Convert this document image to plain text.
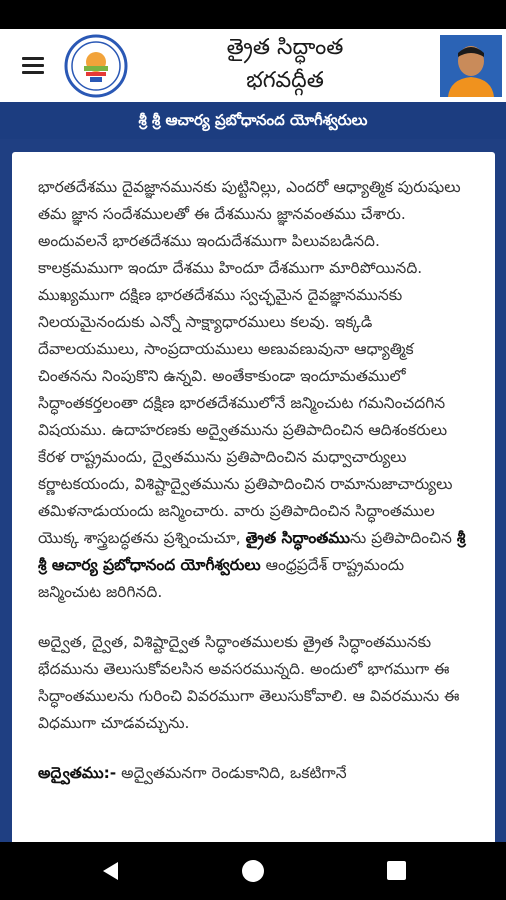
త్రైత సిద్ధాంత
భగవద్గీత
శ్రీ శ్రీ ఆచార్య ప్రబోధానంద యోగీశ్వరులు

భారతదేశము దైవజ్ఞానమునకు పుట్టినిల్లు, ఎందరో ఆధ్యాత్మిక పురుషులు తమ జ్ఞాన సందేశములతో ఈ దేశమును జ్ఞానవంతము చేశారు. అందువలనే భారతదేశము ఇందుదేశముగా పిలువబడినది. కాలక్రమముగా ఇందూ దేశము హిందూ దేశముగా మారిపోయినది. ముఖ్యముగా దక్షిణ భారతదేశము స్వచ్ఛమైన దైవజ్ఞానమునకు నిలయమైనందుకు ఎన్నో సాక్ష్యాధారములు కలవు. ఇక్కడి దేవాలయములు, సాంప్రదాయములు అణువణువునా ఆధ్యాత్మిక చింతనను నింపుకొని ఉన్నవి. అంతేకాకుండా ఇందూమతములో సిద్ధాంతకర్తలంతా దక్షిణ భారతదేశములోనే జన్మించుట గమనించదగిన విషయము. ఉదాహరణకు అద్వైతమును ప్రతిపాదించిన ఆదిశంకరులు కేరళ రాష్ట్రమందు, ద్వైతమును ప్రతిపాదించిన మధ్వాచార్యులు కర్ణాటకయందు, విశిష్టాద్వైతమును ప్రతిపాదించిన రామానుజాచార్యులు తమిళనాడుయందు జన్మించారు. వారు ప్రతిపాదించిన సిద్ధాంతముల యొక్క శాస్త్రబద్ధతను ప్రశ్నించుచూ, త్రైత సిద్ధాంతమును ప్రతిపాదించిన శ్రీ శ్రీ ఆచార్య ప్రబోధానంద యోగీశ్వరులు ఆంధ్రప్రదేశ్ రాష్ట్రమందు జన్మించుట జరిగినది.

అద్వైత, ద్వైత, విశిష్టాద్వైత సిద్ధాంతములకు త్రైత సిద్ధాంతమునకు భేదమును తెలుసుకోవలసిన అవసరమున్నది. అందులో భాగముగా ఈ సిద్ధాంతములను గురించి వివరముగా తెలుసుకోవాలి. ఆ వివరమును ఈ విధముగా చూడవచ్చును.

అద్వైతము:- అద్వైతమనగా రెండుకానిది, ఒకటిగానే
